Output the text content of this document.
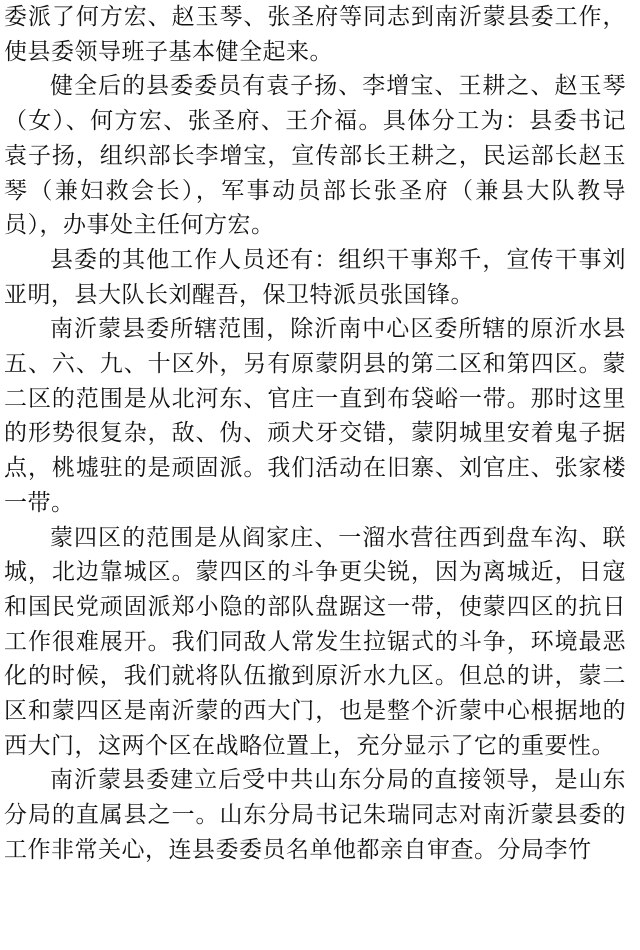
委派了何方宏、赵玉琴、张圣府等同志到南沂蒙县委工作，使县委领导班子基本健全起来。

健全后的县委委员有袁子扬、李增宝、王耕之、赵玉琴（女）、何方宏、张圣府、王介福。具体分工为：县委书记袁子扬，组织部长李增宝，宣传部长王耕之，民运部长赵玉琴（兼妇救会长），军事动员部长张圣府（兼县大队教导员），办事处主任何方宏。

县委的其他工作人员还有：组织干事郑千，宣传干事刘亚明，县大队长刘醒吾，保卫特派员张国锋。

南沂蒙县委所辖范围，除沂南中心区委所辖的原沂水县五、六、九、十区外，另有原蒙阴县的第二区和第四区。蒙二区的范围是从北河东、官庄一直到布袋峪一带。那时这里的形势很复杂，敌、伪、顽犬牙交错，蒙阴城里安着鬼子据点，桃墟驻的是顽固派。我们活动在旧寨、刘官庄、张家楼一带。

蒙四区的范围是从阎家庄、一溜水营往西到盘车沟、联城，北边靠城区。蒙四区的斗争更尖锐，因为离城近，日寇和国民党顽固派郑小隐的部队盘踞这一带，使蒙四区的抗日工作很难展开。我们同敌人常发生拉锯式的斗争，环境最恶化的时候，我们就将队伍撤到原沂水九区。但总的讲，蒙二区和蒙四区是南沂蒙的西大门，也是整个沂蒙中心根据地的西大门，这两个区在战略位置上，充分显示了它的重要性。

南沂蒙县委建立后受中共山东分局的直接领导，是山东分局的直属县之一。山东分局书记朱瑞同志对南沂蒙县委的工作非常关心，连县委委员名单他都亲自审查。分局李竹
